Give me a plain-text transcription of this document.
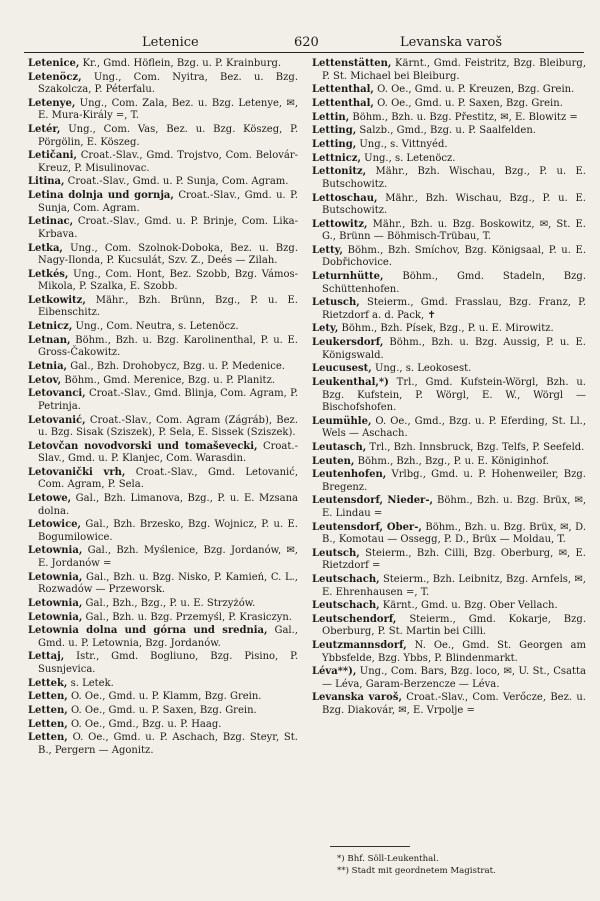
Letenice	620	Levanska varoš
Letenice, Kr., Gmd. Höflein, Bzg. u. P. Krainburg.
Letenöcz, Ung., Com. Nyitra, Bez. u. Bzg. Szakolcza, P. Péterfalu.
Letenye, Ung., Com. Zala, Bez. u. Bzg. Letenye, ✉, E. Mura-Király =, T.
Letér, Ung., Com. Vas, Bez. u. Bzg. Köszeg, P. Pörgölin, E. Köszeg.
Letičani, Croat.-Slav., Gmd. Trojstvo, Com. Belovár-Kreuz, P. Misulinovac.
Litina, Croat.-Slav., Gmd. u. P. Sunja, Com. Agram.
Letina dolnja und gornja, Croat.-Slav., Gmd. u. P. Sunja, Com. Agram.
Letinac, Croat.-Slav., Gmd. u. P. Brinje, Com. Lika-Krbava.
Letka, Ung., Com. Szolnok-Doboka, Bez. u. Bzg. Nagy-Ilonda, P. Kucsulát, Szv. Z., Deés — Zilah.
Letkés, Ung., Com. Hont, Bez. Szobb, Bzg. Vámos-Mikola, P. Szalka, E. Szobb.
Letkowitz, Mähr., Bzh. Brünn, Bzg., P. u. E. Eibenschitz.
Letnicz, Ung., Com. Neutra, s. Letenöcz.
Letnan, Böhm., Bzh. u. Bzg. Karolinenthal, P. u. E. Gross-Čakowitz.
Letnia, Gal., Bzh. Drohobycz, Bzg. u. P. Medenice.
Letov, Böhm., Gmd. Merenice, Bzg. u. P. Planitz.
Letovanci, Croat.-Slav., Gmd. Blinja, Com. Agram, P. Petrinja.
Letovanić, Croat.-Slav., Com. Agram (Zágráb), Bez. u. Bzg. Sisak (Sziszek), P. Sela, E. Sissek (Sziszek).
Letovčan novodvorski und tomaševecki, Croat.-Slav., Gmd. u. P. Klanjec, Com. Warasdin.
Letovanički vrh, Croat.-Slav., Gmd. Letovanić, Com. Agram, P. Sela.
Letowe, Gal., Bzh. Limanova, Bzg., P. u. E. Mzsana dolna.
Letowice, Gal., Bzh. Brzesko, Bzg. Wojnicz, P. u. E. Bogumilowice.
Letownia, Gal., Bzh. Myślenice, Bzg. Jordanów, ✉, E. Jordanów =
Letownia, Gal., Bzh. u. Bzg. Nisko, P. Kamień, C. L., Rozwadów — Przeworsk.
Letownia, Gal., Bzh., Bzg., P. u. E. Strzyżów.
Letownia, Gal., Bzh. u. Bzg. Przemyśl, P. Krasiczyn.
Letownia dolna und górna und srednia, Gal., Gmd. u. P. Letownia, Bzg. Jordanów.
Lettaj, Istr., Gmd. Bogliuno, Bzg. Pisino, P. Susnjevica.
Lettek, s. Letek.
Letten, O. Oe., Gmd. u. P. Klamm, Bzg. Grein.
Letten, O. Oe., Gmd. u. P. Saxen, Bzg. Grein.
Letten, O. Oe., Gmd., Bzg. u. P. Haag.
Letten, O. Oe., Gmd. u. P. Aschach, Bzg. Steyr, St. B., Pergern — Agonitz.
Lettenstätten, Kärnt., Gmd. Feistritz, Bzg. Bleiburg, P. St. Michael bei Bleiburg.
Lettenthal, O. Oe., Gmd. u. P. Kreuzen, Bzg. Grein.
Lettenthal, O. Oe., Gmd. u. P. Saxen, Bzg. Grein.
Lettin, Böhm., Bzh. u. Bzg. Přestitz, ✉, E. Blowitz =
Letting, Salzb., Gmd., Bzg. u. P. Saalfelden.
Letting, Ung., s. Vittnyéd.
Lettnicz, Ung., s. Letenöcz.
Lettonitz, Mähr., Bzh. Wischau, Bzg., P. u. E. Butschowitz.
Lettoschau, Mähr., Bzh. Wischau, Bzg., P. u. E. Butschowitz.
Lettowitz, Mähr., Bzh. u. Bzg. Boskowitz, ✉, St. E. G., Brünn — Böhmisch-Trübau, T.
Letty, Böhm., Bzh. Smíchov, Bzg. Königsaal, P. u. E. Dobřichovice.
Leturnhütte, Böhm., Gmd. Stadeln, Bzg. Schüttenhofen.
Letusch, Steierm., Gmd. Frasslau, Bzg. Franz, P. Rietzdorf a. d. Pack, ✝
Lety, Böhm., Bzh. Písek, Bzg., P. u. E. Mirowitz.
Leukersdorf, Böhm., Bzh. u. Bzg. Aussig, P. u. E. Königswald.
Leucusest, Ung., s. Leokosest.
Leukenthal,*) Trl., Gmd. Kufstein-Wörgl, Bzh. u. Bzg. Kufstein, P. Wörgl, E. W., Wörgl — Bischofshofen.
Leumühle, O. Oe., Gmd., Bzg. u. P. Eferding, St. Ll., Wels — Aschach.
Leutasch, Trl., Bzh. Innsbruck, Bzg. Telfs, P. Seefeld.
Leuten, Böhm., Bzh., Bzg., P. u. E. Königinhof.
Leutenhofen, Vrlbg., Gmd. u. P. Hohenweiler, Bzg. Bregenz.
Leutensdorf, Nieder-, Böhm., Bzh. u. Bzg. Brüx, ✉, E. Lindau =
Leutensdorf, Ober-, Böhm., Bzh. u. Bzg. Brüx, ✉, D. B., Komotau — Ossegg, P. D., Brüx — Moldau, T.
Leutsch, Steierm., Bzh. Cilli, Bzg. Oberburg, ✉, E. Rietzdorf =
Leutschach, Steierm., Bzh. Leibnitz, Bzg. Arnfels, ✉, E. Ehrenhausen =, T.
Leutschach, Kärnt., Gmd. u. Bzg. Ober Vellach.
Leutschendorf, Steierm., Gmd. Kokarje, Bzg. Oberburg, P. St. Martin bei Cilli.
Leutzmannsdorf, N. Oe., Gmd. St. Georgen am Ybbsfelde, Bzg. Ybbs, P. Blindenmarkt.
Léva**), Ung., Com. Bars, Bzg. loco, ✉, U. St., Csatta — Léva, Garam-Berzencze — Léva.
Levanska varoš, Croat.-Slav., Com. Verőcze, Bez. u. Bzg. Diakovár, ✉, E. Vrpolje =
*) Bhf. Söll-Leukenthal.
**) Stadt mit geordnetem Magistrat.
